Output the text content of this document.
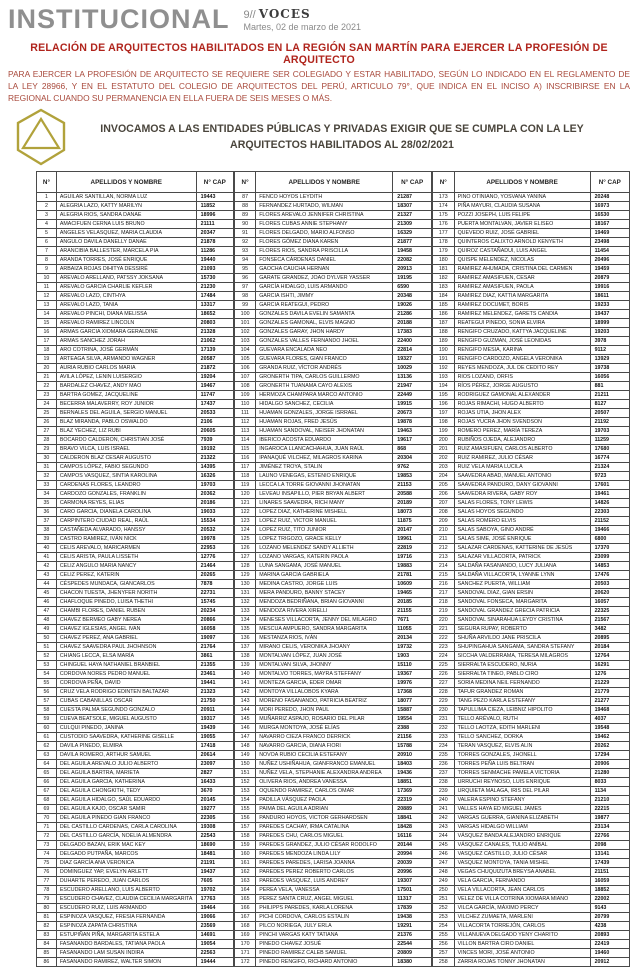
INSTITUCIONAL 9// VOCES
Martes, 02 de marzo de 2021
RELACIÓN DE ARQUITECTOS HABILITADOS EN LA REGIÓN SAN MARTÍN PARA EJERCER LA PROFESIÓN DE ARQUITECTO
PARA EJERCER LA PROFESIÓN DE ARQUITECTO SE REQUIERE SER COLEGIADO Y ESTAR HABILITADO, SEGÚN LO INDICADO EN EL REGLAMENTO DE LA LEY 28966, Y EN EL ESTATUTO DEL COLEGIO DE ARQUITECTOS DEL PERÚ, ARTICULO 79°, QUE INDICA EN EL INCISO A) INSCRIBIRSE EN LA REGIONAL CUANDO SU PERMANENCIA EN ELLA FUERA DE SEIS MESES O MÁS.
INVOCAMOS A LAS ENTIDADES PÚBLICAS Y PRIVADAS EXIGIR QUE SE CUMPLA CON LA LEY
ARQUITECTOS HABILITADOS AL 28/02/2021
N°	APELLIDOS Y NOMBRE	N° CAP
1	AGUILAR SANTILLAN, NORMA LUZ	19443
2	ALEGRIA LAZO, KATTY MARILYN	11852
3	ALEGRIA RIOS, SANDRA DANAE	18996
4	AMACIFUEN CERNA LUIS BRUNO	21111
5	ANGELES VELASQUEZ, MARIA CLAUDIA	20347
6	ANGULO DAVILA DANELLY DANAE	21878
7	ARANCIBIA BALLESTER, MARCELA PIA	11286
8	ARANDA TORRES, JOSÉ ENRIQUE	19440
9	ARBAIZA ROJAS DIHITYA DESSIRÉ	21093
10	AREVALO ARELLANO, PATSSY JOKSANA	15730
11	AREVALO GARCIA CHARLIE KEFLER	21230
12	AREVALO LAZO, CINTHYA	17484
13	AREVALO LAZO, TANIA	13317
14	AREVALO PINCHI, DIANA MELISSA	18652
15	AREVALO RAMIREZ LINCOLN	20803
16	ARMAS GARCIA XIOMARA GERALDINE	21328
17	ARMAS SANCHEZ JORAH	21062
18	ARO COTRINA, JOSÉ GERMÁN	17139
19	ARTEAGA SILVA, ARMANDO WAGNER	20587
20	AURIA RUBIO CARLOS MARIA	21872
21	AVILA LÓPEZ, LENIN LUISERGIO	19204
22	BARDALEZ CHAVEZ, ANDY MAO	19467
23	BARTRA GOMEZ, JACQUELINE	11747
24	BECERRA MALAVERRY, ROY JUNIOR	17437
25	BERNALES DEL AGUILA, SERGIO MANUEL	20533
26	BLAZ MIRANDA, PABLO OSWALDO	2106
27	BLAZ YECHEZ, LIZ RUBI	20605
28	BOCARDO CALDERON, CHRISTIAN JOSÉ	7939
29	BRAVO VILCA, LUIS ISRAEL	19192
30	CALDERON BLAZ CESAR AUGUSTO	21322
31	CAMPOS LÓPEZ, FABIO SEGUNDO	14395
32	CAMPOS VASQUEZ, SINTIA KAROLINA	16326
33	CARDENAS FLORES, LEANDRO	19703
34	CARDOZO GONZALES, FRANKLIN	20362
35	CARMONA REYES, ELIAS	20186
36	CARO GARCIA, DIANELA CAROLINA	19033
37	CARPINTERO CIUDAD REAL, RAÚL	15534
38	CASTAÑEDA ALVARADO, HANSSY	20532
39	CASTRO RAMIREZ, IVÁN NICK	19978
40	CELIS AREVALO, MARICARMEN	22953
41	CELIS ARISTA, PAULA LISSETH	12776
42	CELIZ ANGULO MARIA NANCY	21464
43	CELIZ PEREZ, KATERIN	20265
44	CÉSPEDES MUNDACA, GIANCARLOS	7878
45	CHACON TUESTA, JHENYFER NORITH	22731
46	CHAFLOQUE PINEDO, LUISA THETHI	15745
47	CHAMBI FLORES, DANIEL RUBEN	20234
48	CHAVEZ BERMEO GABY NEREA	20866
49	CHAVEZ IGLESIAS, ANGEL IVAN	16058
50	CHAVEZ PEREZ, ANA GABRIEL	19097
51	CHAVEZ SAAVEDRA PAUL JHOHNSON	21764
52	CHIANG LECCA, ELSA MARÍA	3861
53	CHINGUEL HAYA NATHANIEL BRANBIEL	21355
54	CORDOVA NORES PEDRO MANUEL	23461
55	CORDOVA PEÑA, DAVID	19441
56	CRUZ VELA RODRIGO EDINTEN BALTAZAR	21323
57	CUBAS CABANILLAS OSCAR	21750
58	CUESTA PALMA SEGUNDO GONZALO	20911
59	CUEVA BEATSOLE, MIGUEL AUGUSTO	19317
60	CULQUI PINEDO, JANINA	19439
61	CUSTODIO SAAVEDRA, KATHERINE GISELLE	19055
62	DAVILA PINEDO, ELMIRA	17418
63	DAVILA ROMERO, ARTHUR SAMUEL	20614
64	DEL AGUILA AREVALO JULIO ALBERTO	23097
65	DEL AGUILA BARTRA, MARIETA	2827
66	DEL AGUILA GARCIA, KATHERINA	16433
67	DEL AGUILA CHONGKITH, TEDY	3670
68	DEL AGUILA HIDALGO, SAÚL EDUARDO	20145
69	DEL AGUILA KAJO, OSCAR SAMIR	19277
70	DEL AGUILA PINEDO GIAN FRANCO	22305
71	DEL CASTILLO CARDENAS, CARLA CAROLINA	19308
72	DEL CASTILLO GARCÍA, NOELIA ALMENDRA	22543
73	DELGADO BAZAN, ERIK MAC KEY	18690
74	DELGADO PUTPAÑA, MARCOS	18481
75	DIAZ GARCÍA ANA VERONICA	21191
76	DOMINGUEZ YAP, EVELYN ARLETT	19437
77	DUHARTE PEREDO, JUAN CARLOS	7605
78	ESCUDERO ARELLANO, LUIS ALBERTO	19702
79	ESCUDERO CHAVEZ, CLAUDIA CECILIA MARGARITA	17763
80	ESCUDERO RUIZ, LUIS ARMANDO	19464
81	ESPINOZA VASQUEZ, FRESIA FERNANDA	19066
82	ESPINOZA ZAPATA CHRISTINA	23569
83	ESTUPIÑAN PIÑA, MARGARITA ESTELA	14691
84	FASANANDO BARDALES, TATIANA PAOLA	19054
85	FASANANDO LAM SUSAN INDIRA	22563
86	FASANANDO RAMIREZ, WALTER SIMON	19444
N°	APELLIDOS Y NOMBRE	N° CAP
87	FENCO HOYOS LEYDITH	21287
88	FERNANDEZ HURTADO, WILMAN	18307
89	FLORES AREVALO JENNIFER CHRISTINA	21327
90	FLORES CUBAS ANNIE STEPHANY	21309
91	FLORES DELGADO, MARIO ALFONSO	16329
92	FLORES GÓMEZ DIANA KAREN	21877
93	FLORES RIOS, SANDRA PRISCILLA	19458
94	FONSECA CÁRDENAS DANIEL	22082
95	GAOCHA CAUCHA HERNAN	20913
96	GARATE GRANDEZ, JOAO DYLVER YASSER	19195
97	GARCÍA HIDALGO, LUIS ARMANDO	6590
98	GARCIA ISHTI, JIMMY	20348
99	GARCIA REATEGUI, PEDRO	19026
100	GONZALES DAVILA EVELIN SAMANTA	21286
101	GONZALES GAMONAL, ELVIS MAGNO	20188
102	GONZALES GARAY, JHON HARDY	17383
103	GONZALES VALLES FERNANDO JHOEL	22400
104	GUEVARA ENCALADA NEO	22814
105	GUEVARA FLORES, GIAN FRANCO	19327
106	GRANDA RUIZ, VÍCTOR ANDRÉS	10029
107	GRONERTH TIPA, CARLOS GUILLERMO	13136
108	GRONERTH TUANAMA CAYO ALEXIS	21947
109	HERMOZA CHAMPARA MARCO ANTONIO	22449
110	HIDALGO SANCHEZ, CECILIA	19915
111	HUAMAN GONZALES, JORGE ISRRAEL	20673
112	HUAMAN ROJAS, FRED JESÚS	19878
113	HUAMAN SANDOVAL, NEISER JHONATAN	19463
114	IBERICO ACOSTA EDUARDO	19617
115	INGAROCA LLANCACHAHUA, JUAN RAÚL	868
116	IPANAQUÉ VILCHEZ, MILAGROS KARINA	20304
117	JIMÉNEZ TROYA, STALIN	9762
118	LAUNO VENEGAS, ESTENIO ENRIQUE	19853
119	LECCA LA TORRE GIOVANNI JHONATAN	21153
120	LEVEAU INSAPILLO, PIER BRYAN ALBERT	20588
121	LINARES SAAVEDRA, RICH MANY	20189
122	LOPEZ DIAZ, KATHERINE MISHELL	18073
123	LOPEZ RUIZ, VICTOR MANUEL	11875
124	LOPEZ RUIZ, TITO JUNIOR	20147
125	LOPEZ TRIGOZO, GRACE KELLY	19961
126	LOZANO MELENDEZ SANDY ALLIETH	22819
127	LOZANO VARGAS, KATERIN PAOLA	19716
128	LUNA SANGAMA, JOSÉ MANUEL	19883
129	MARINA GARCIA GABRIELA	21781
130	MEDINA CASTRO, JORGE LUIS	10609
131	MERA PANDURO, BANNY STACEY	19465
132	MENDOZA BEDRIÑANA, BRIAN GIOVANNI	20185
133	MENDOZA RIVERA XIRELLI	21155
134	MENESES VILLACORTA, JENNY DEL MILAGRO	7671
135	MESCUA AMPUERO, SANDRA MARGARITA	11055
136	MESTANZA RIOS, IVÁN	20134
137	MIRANO CELIS, VERONIKA JHOANY	19732
138	MONTALVAN LÓPEZ, JUAN JOSÉ	1903
139	MONTALVAN SILVA, JHONNY	15110
140	MONTALVO TORRES, MAYRA STEFFANY	19367
141	MONTEZA GARCIA, EDER OMAR	19976
142	MONTOYA VILLALOBOS KYARA	17368
143	MORENO FASANANDO, PATRICIA BEATRIZ	18077
144	MORI PEREDO, JHON PAUL	15887
145	MUÑARRIZ ASPAJO, ROSARIO DEL PILAR	19554
146	MURGA MONTOYA, JOSÉ ELÍAS	2388
147	NAVARRO CIEZA FRANCO DERRICK	21156
148	NAVARRO GARCIA, DIANA FIORI	15788
149	NOVOA RUBIO CECILIA ESTEFANY	20910
150	NUÑEZ USHIÑAHUA, GIANFRANCO EMANUEL	18403
151	NUÑEZ VELA, STEPHANIE ALEXANDRA ANDREA	19436
152	OLIVERA RIOS, ANDREA VANESSA	18851
153	OQUENDO RAMIREZ, CARLOS OMAR	17369
154	PADILLA VÁSQUEZ PAOLA	22319
155	PAIMA DEL AGUILA ADRIAN	20889
156	PANDURO HOYOS, VICTOR GERHARDSEN	18841
157	PAREDES CACHAY, IRMA CATALINA	18428
158	PAREDES CHU, CARLOS MIGUEL	16116
159	PAREDES GRANDEZ, JULIO CÉSAR RODOLFO	20144
160	PAREDES MENDOZA LINDA LILY	20994
161	PAREDES PAREDES, LARISA JOANNA	20039
162	PAREDES PEREZ ROBERTO CARLOS	20996
163	PAREDES VASQUEZ, LUIS ANDREY	19307
164	PEREA VELA, VANESSA	17501
165	PEREZ SANTA CRUZ, ANGEL MIGUEL	11317
166	PHILIPPS PAREDES, KARLA LORENA	17839
167	PICHI CORDOVA, CARLOS ESTALIN	19438
168	PILCO NORIEGA, JULY ERLA	19291
169	PINCHI VARGAS KATY TATIANA	21376
170	PINEDO CHAVEZ JOSUÉ	22544
171	PINEDO RAMIREZ CALEB SAMUEL	20809
172	PINEDO RENGIFO, RICHARD ANTONIO	18380
N°	APELLIDOS Y NOMBRE	N° CAP
173	PINO OTINIANO, YOSVANA YANINA	20248
174	PIÑA MAYURI, CLAUDIA SUSANA	16973
175	POZZI JOSEPH, LUIS FELIPE	16530
176	PUERTA MONTALVAN, JAVIER ELISEO	18167
177	QUEVEDO RUIZ, JOSÉ GABRIEL	19469
178	QUINTEROS CALIXTO ARNOLD KENYETH	23498
179	QUIROZ CASTAÑADUI, LUIS ANGEL	11454
180	QUISPE MELENDEZ, NICOLAS	20496
181	RAMIREZ AHUMADA, CRISTINA DEL CARMEN	19459
182	RAMIREZ AMASIFUEN, CESAR	20879
183	RAMIREZ AMASIFUEN, PAOLA	19916
184	RAMIREZ DIAZ, KATTIA MARGARITA	18611
185	RAMIREZ DOCUMET, BORIS	19233
186	RAMIREZ MELENDEZ, GARETS CANDIA	19437
187	REATEGUI PINEDO, SONIA ELVIRA	18999
188	RENGIFO CRUZADO, KATTYA JACQUELINE	19203
189	RENGIFO GUZMAN, JOSÉ LEONIDAS	3978
190	RENGIFO MESIA, KARINA	9112
191	RENGIFO CARDOZO, ANGELA VERONIKA	13929
192	REYES MENDOZA, JUL DE CEDITO REY	19738
193	RIOS LOZANO, ORFIS	16056
194	RÍOS PÉREZ, JORGE AUGUSTO	881
195	RODRIGUEZ GAMONAL ALEXANDER	21211
196	ROJAS RIMACHI, HUGO ALBERTO	8127
197	ROJAS UTIA, JHON ALEX	20507
198	ROJAS YUCRA JHON SVENDSON	21192
199	ROMERO PEREZ, MARÍA TEREZA	19703
200	RUBIÑOS OJEDA, ALEJANDRO	11259
201	RUIZ AMASIFUEN, CARLOS ALBERTO	17680
202	RUIZ RAMIREZ, JULIO CÉSAR	16774
203	RUIZ VELA MARIA LUCILA	21324
204	SAAVEDRA ABAD, MANUEL ANTONIO	9723
205	SAAVEDRA PANDURO, DANY GIOVANNI	17601
206	SAAVEDRA RIVERA, GABY ROY	19461
207	SALAS FLORES, TONY LEWIS	14826
208	SALAS HOYOS SEGUNDO	22303
209	SALAS ROMERO ELVIS	21152
210	SALAS SABOYA, GINO ANDRÉ	19466
211	SALAS SIME, JOSÉ ENRIQUE	6800
212	SALAZAR CARDENAS, KATTERINE DE JESÚS	17370
213	SALAZAR VILLACORTA, PATRICK	23099
214	SALDAÑA FASANANDO, LUCY JULIANA	14853
215	SALDAÑA VILLACORTA, LYANNE LYNN	17476
216	SANCHEZ PUERTA, WILLIAM	20503
217	SANDOVAL DIAZ, GIAN ERSIN	20620
218	SANDOVAL FONSECA, MARGARITA	16057
219	SANDOVAL GRANDEZ GRECIA PATRICIA	22325
220	SANDOVAL SINARAHUA LEYDY CRISTINA	21567
221	SEGURA RUPAY, ROBERTO	3482
222	SHUÑA ARVILDO JANE PRISCILA	20895
223	SHUPINGAHUA SANGAMA, SANDRA STEFANY	20184
224	SICCHA VALDERRAMA, TERESA MILAGROS	12764
225	SIERRALTA ESCUDERO, NURIA	16291
226	SIERRALTA TINEO, PABLO CIRO	1276
227	SORIA MEDINA NEIL FERNANDO	21229
228	TAFUR GRANDEZ ROMAN	21779
229	TANG PEZO KARLA ESTEFANY	21277
230	TAPULLIMA CIEZA, LEIBNIZ HIPOLITO	19468
231	TELLO ARÉVALO, RUTH	4037
232	TELLO LAOTZA, EDITH MARLENI	19548
233	TELLO SANCHEZ, DORKA	19462
234	TERAN VASQUEZ, ELVIS ALIN	20262
235	TORRES GONZALES, JHONELL	17294
236	TORRES PEÑA LUIS BELTRAN	20906
237	TORRES SENMACHE PAMELA VICTORIA	21280
238	URRUCHI REYNOSO, LUIS ENRIQUE	8033
239	URQUIETA MALAGA, IRIS DEL PILAR	1134
240	VALERA ESPINO STEFANY	21210
241	VALLES HAYA ED MIGUEL JAMES	22215
242	VARGAS GUERRA, GIANINA ELIZABETH	19877
243	VARGAS HIDALGO WILLIAM	23134
244	VÁSQUEZ BANDA ALEJANDRO ENRIQUE	22766
245	VÁSQUEZ CANALES, TULIO ANÍBAL	2098
246	VASQUEZ CASTILLO, JULIO CÉSAR	13141
247	VASQUEZ MONTOYA, TANIA MISHEL	17439
248	VEGAS CHUQUIZUTA BREYSA ANABEL	21151
249	VELA GARCIA, FERNANDO	16059
250	VELA VILLACORTA, JEAN CARLOS	18852
251	VELEZ DE VILLA COTRINA XIOMARA MIANO	22002
252	VILCA GARCÍA, MÁXIMO PERCY	9143
253	VILCHEZ ZUMAETA, MARLENI	20799
254	VILLACORTA TORREJÓN, CARLOS	4238
255	VILLANUEVA DELGADO YENY CHARITO	20893
256	VILLON BARTRA CIRO DANIEL	22419
257	VINCES MORI, JOSÉ ANTONIO	19460
258	ZARRIA ROJAS TONNY JHONATAN	20912
